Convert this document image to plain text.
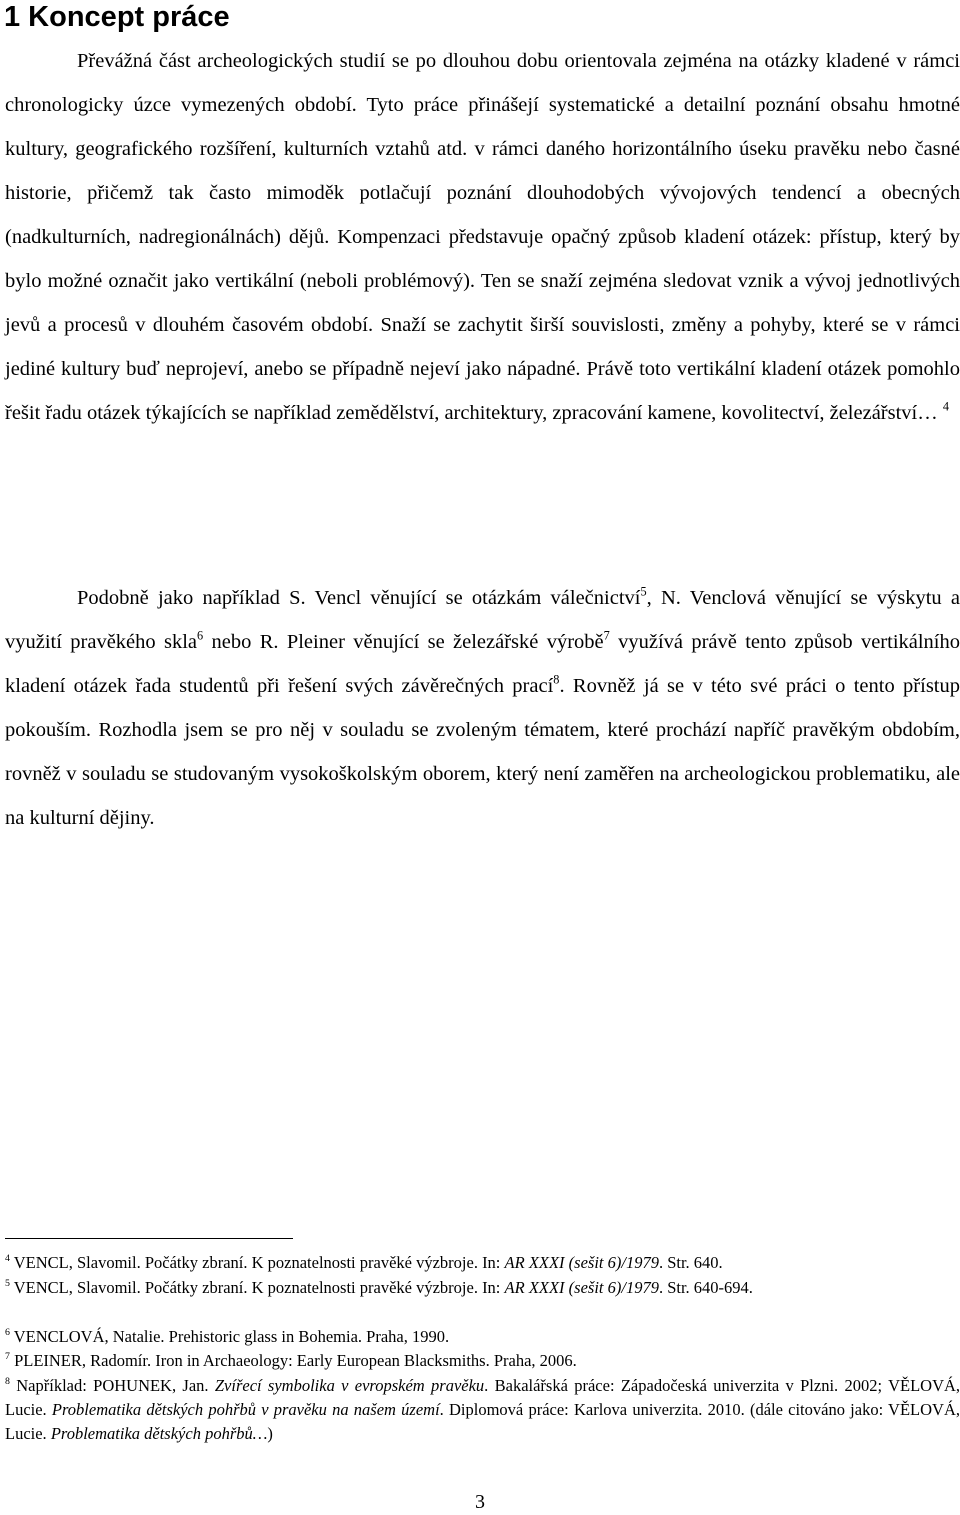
1 Koncept práce

Převážná část archeologických studií se po dlouhou dobu orientovala zejména na otázky kladené v rámci chronologicky úzce vymezených období. Tyto práce přinášejí systematické a detailní poznání obsahu hmotné kultury, geografického rozšíření, kulturních vztahů atd. v rámci daného horizontálního úseku pravěku nebo časné historie, přičemž tak často mimoděk potlačují poznání dlouhodobých vývojových tendencí a obecných (nadkulturních, nadregionálnách) dějů. Kompenzaci představuje opačný způsob kladení otázek: přístup, který by bylo možné označit jako vertikální (neboli problémový). Ten se snaží zejména sledovat vznik a vývoj jednotlivých jevů a procesů v dlouhém časovém období. Snaží se zachytit širší souvislosti, změny a pohyby, které se v rámci jediné kultury buď neprojeví, anebo se případně nejeví jako nápadné. Právě toto vertikální kladení otázek pomohlo řešit řadu otázek týkajících se například zemědělství, architektury, zpracování kamene, kovolitectví, železářství… $^4$

Podobně jako například S. Vencl věnující se otázkám válečnictví$^5$, N. Venclová věnující se výskytu a využití pravěkého skla$^6$ nebo R. Pleiner věnující se železářské výrobě$^7$ využívá právě tento způsob vertikálního kladení otázek řada studentů při řešení svých závěrečných prací$^8$. Rovněž já se v této své práci o tento přístup pokouším. Rozhodla jsem se pro něj v souladu se zvoleným tématem, které prochází napříč pravěkým obdobím, rovněž v souladu se studovaným vysokoškolským oborem, který není zaměřen na archeologickou problematiku, ale na kulturní dějiny.

$^4$ VENCL, Slavomil. Počátky zbraní. K poznatelnosti pravěké výzbroje. In: AR XXXI (sešit 6)/1979. Str. 640.

$^5$ VENCL, Slavomil. Počátky zbraní. K poznatelnosti pravěké výzbroje. In: AR XXXI (sešit 6)/1979. Str. 640-694.

$^6$ VENCLOVÁ, Natalie. Prehistoric glass in Bohemia. Praha, 1990.

$^7$ PLEINER, Radomír. Iron in Archaeology: Early European Blacksmiths. Praha, 2006.

$^8$ Například: POHUNEK, Jan. Zvířecí symbolika v evropském pravěku. Bakalářská práce: Západočeská univerzita v Plzni. 2002; VĚLOVÁ, Lucie. Problematika dětských pohřbů v pravěku na našem území. Diplomová práce: Karlova univerzita. 2010. (dále citováno jako: VĚLOVÁ, Lucie. Problematika dětských pohřbů…)

3
